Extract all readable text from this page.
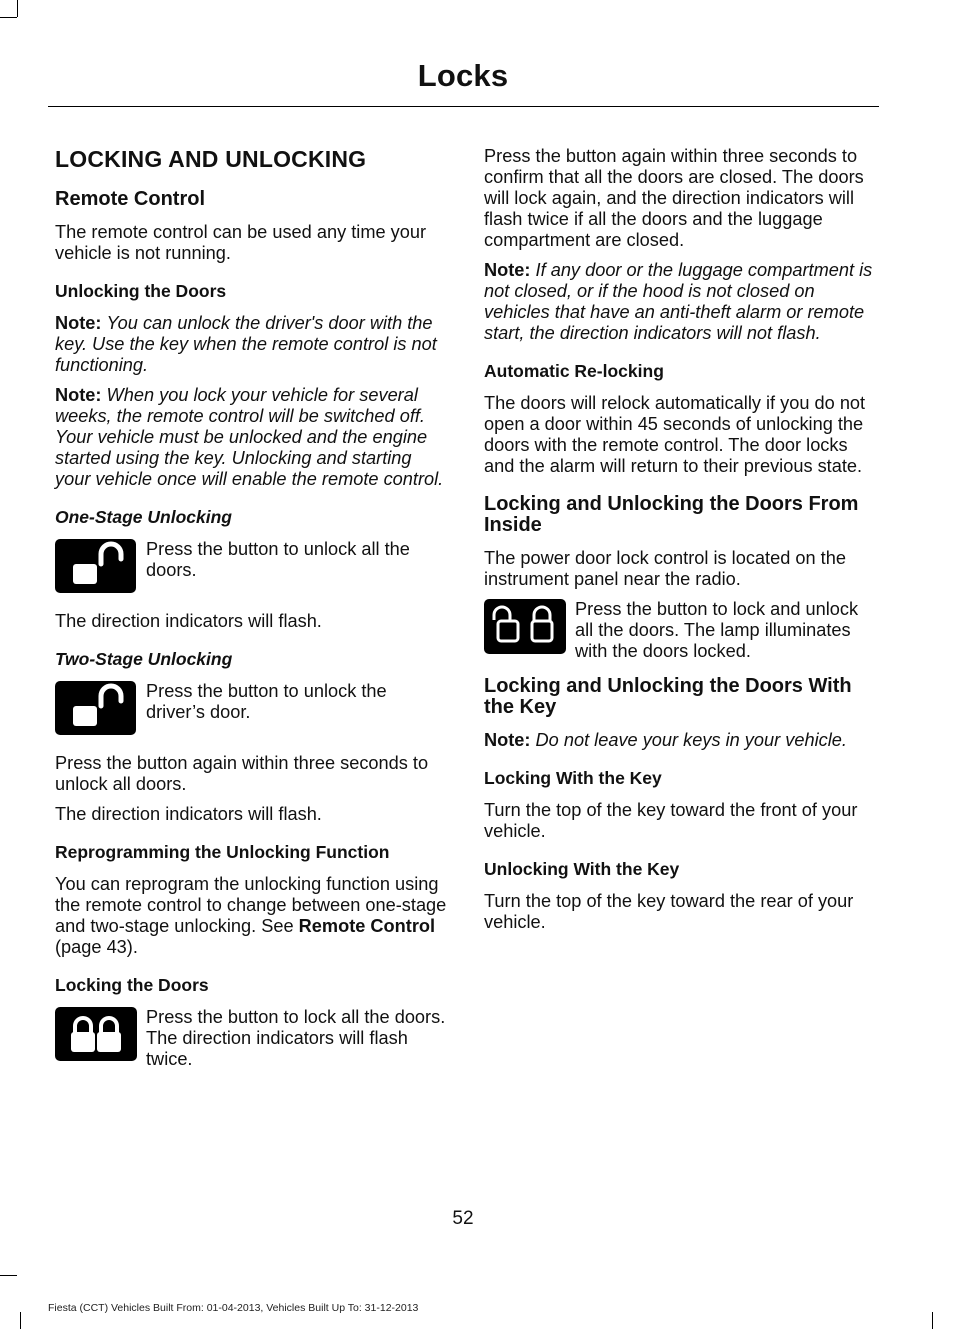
Locks
LOCKING AND UNLOCKING
Remote Control

The remote control can be used any time your vehicle is not running.

Unlocking the Doors

Note: You can unlock the driver's door with the key. Use the key when the remote control is not functioning.

Note: When you lock your vehicle for several weeks, the remote control will be switched off. Your vehicle must be unlocked and the engine started using the key. Unlocking and starting your vehicle once will enable the remote control.

One-Stage Unlocking

Press the button to unlock all the doors.

The direction indicators will flash.

Two-Stage Unlocking

Press the button to unlock the driver’s door.

Press the button again within three seconds to unlock all doors.

The direction indicators will flash.

Reprogramming the Unlocking Function

You can reprogram the unlocking function using the remote control to change between one-stage and two-stage unlocking. See Remote Control (page 43).

Locking the Doors

Press the button to lock all the doors. The direction indicators will flash twice.

Press the button again within three seconds to confirm that all the doors are closed. The doors will lock again, and the direction indicators will flash twice if all the doors and the luggage compartment are closed.

Note: If any door or the luggage compartment is not closed, or if the hood is not closed on vehicles that have an anti-theft alarm or remote start, the direction indicators will not flash.

Automatic Re-locking

The doors will relock automatically if you do not open a door within 45 seconds of unlocking the doors with the remote control. The door locks and the alarm will return to their previous state.

Locking and Unlocking the Doors From Inside

The power door lock control is located on the instrument panel near the radio.

Press the button to lock and unlock all the doors. The lamp illuminates with the doors locked.

Locking and Unlocking the Doors With the Key

Note: Do not leave your keys in your vehicle.

Locking With the Key

Turn the top of the key toward the front of your vehicle.

Unlocking With the Key

Turn the top of the key toward the rear of your vehicle.

52
Fiesta (CCT) Vehicles Built From: 01-04-2013, Vehicles Built Up To: 31-12-2013
